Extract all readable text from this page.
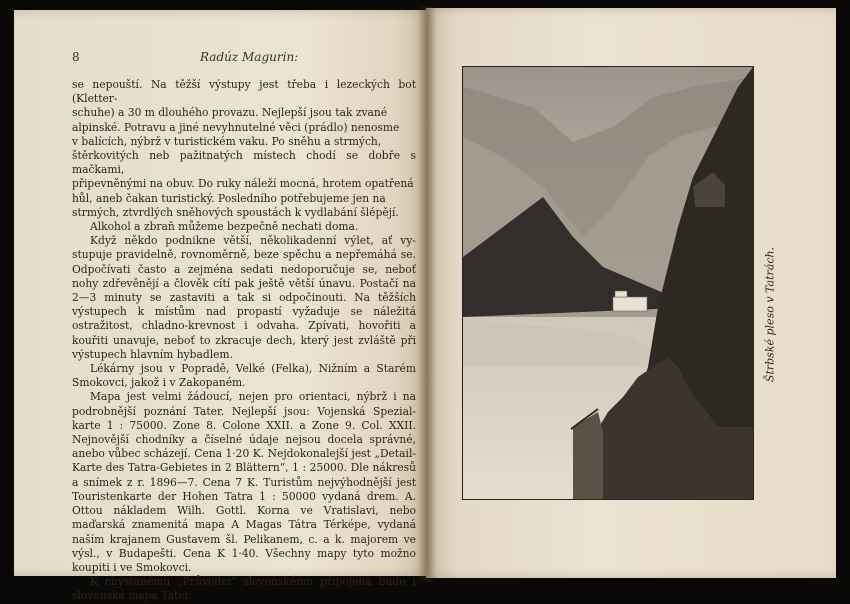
8	Radúz Magurin:

se nepouští. Na těžší výstupy jest třeba i lezeckých bot (Kletter-

schuhe) a 30 m dlouhého provazu. Nejlepší jsou tak zvané

alpinské. Potravu a jiné nevyhnutelné věci (prádlo) nenosme

v balících, nýbrž v turistickém vaku. Po sněhu a strmých,

štěrkovitých neb pažitnatých místech chodí se dobře s mačkami,

připevněnými na obuv. Do ruky náleží mocná, hrotem opatřená

hůl, aneb čakan turistický. Posledního potřebujeme jen na

strmých, ztvrdlých sněhových spoustách k vydlabání šlépějí.

Alkohol a zbraň můžeme bezpečně nechati doma.

Když někdo podnikne větší, několikadenní výlet, ať vy-stupuje pravidelně, rovnoměrně, beze spěchu a nepřemáhá se. Odpočívati často a zejména sedati nedoporučuje se, neboť nohy zdřevěnějí a člověk cítí pak ještě větší únavu. Postačí na 2—3 minuty se zastaviti a tak si odpočinouti. Na těžších výstupech k místům nad propastí vyžaduje se náležitá ostražitost, chladno-krevnost i odvaha. Zpívati, hovořiti a kouřiti unavuje, neboť to zkracuje dech, který jest zvláště při výstupech hlavním hybadlem.

Lékárny jsou v Popradě, Velké (Felka), Nižním a Starém Smokovci, jakož i v Zakopaném.

Mapa jest velmi žádoucí, nejen pro orientaci, nýbrž i na podrobnější poznání Tater. Nejlepší jsou: Vojenská Spezial-karte 1 : 75000. Zone 8. Colone XXII. a Zone 9. Col. XXII. Nejnovější chodníky a číselné údaje nejsou docela správné, anebo vůbec scházejí. Cena 1·20 K. Nejdokonalejší jest „Detail-Karte des Tatra-Gebietes in 2 Blättern“, 1 : 25000. Dle nákresů a snímek z r. 1896—7. Cena 7 K. Turistům nejvýhodnější jest Touristenkarte der Hohen Tatra 1 : 50000 vydaná drem. A. Ottou nákladem Wilh. Gottl. Korna ve Vratislavi, nebo maďarská znamenitá mapa A Magas Tátra Térképe, vydaná naším krajanem Gustavem šl. Pelikanem, c. a k. majorem ve výsl., v Budapešti. Cena K 1·40. Všechny mapy tyto možno koupiti i ve Smokovci.

K chystanému „Průvodci“ slovenskému připojena bude i slovenská mapa Tater.

Štrbské pleso v Tatrách.
